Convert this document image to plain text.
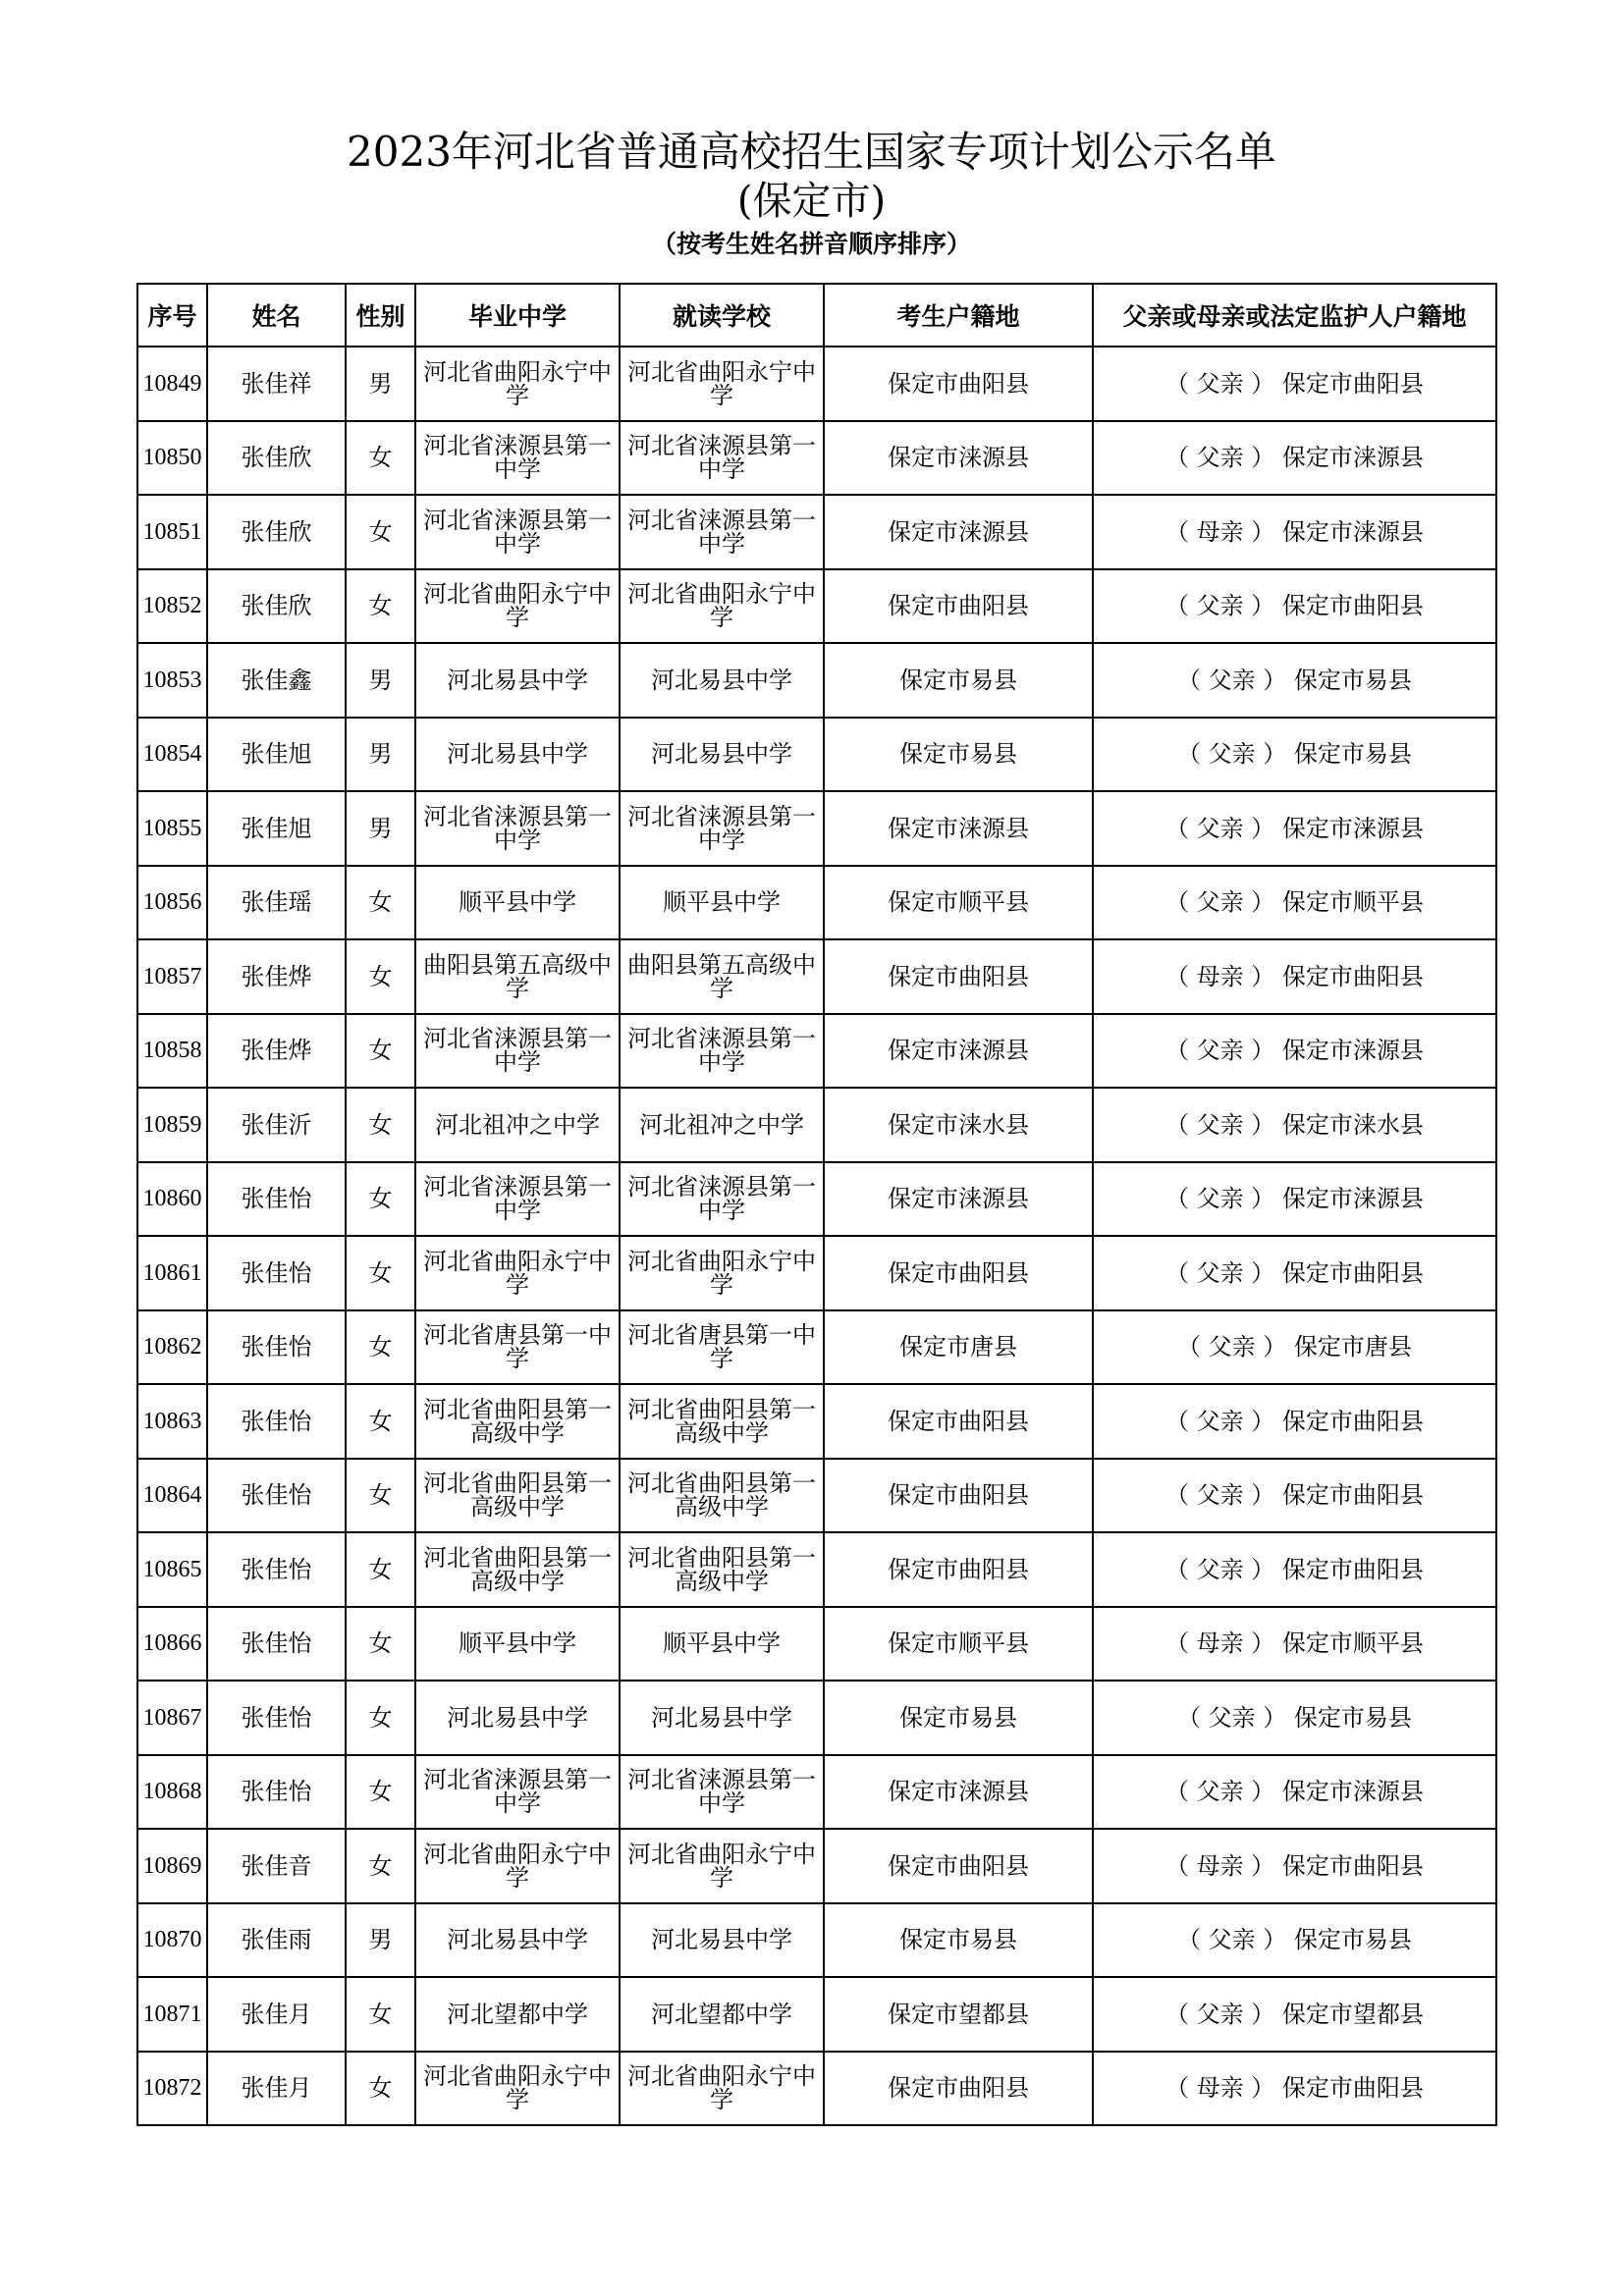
2023年河北省普通高校招生国家专项计划公示名单
(保定市)
（按考生姓名拼音顺序排序）
序号	姓名	性别	毕业中学	就读学校	考生户籍地	父亲或母亲或法定监护人户籍地
10849	张佳祥	男	河北省曲阳永宁中学	河北省曲阳永宁中学	保定市曲阳县	（ 父亲 ） 保定市曲阳县
10850	张佳欣	女	河北省涞源县第一中学	河北省涞源县第一中学	保定市涞源县	（ 父亲 ） 保定市涞源县
10851	张佳欣	女	河北省涞源县第一中学	河北省涞源县第一中学	保定市涞源县	（ 母亲 ） 保定市涞源县
10852	张佳欣	女	河北省曲阳永宁中学	河北省曲阳永宁中学	保定市曲阳县	（ 父亲 ） 保定市曲阳县
10853	张佳鑫	男	河北易县中学	河北易县中学	保定市易县	（ 父亲 ） 保定市易县
10854	张佳旭	男	河北易县中学	河北易县中学	保定市易县	（ 父亲 ） 保定市易县
10855	张佳旭	男	河北省涞源县第一中学	河北省涞源县第一中学	保定市涞源县	（ 父亲 ） 保定市涞源县
10856	张佳瑶	女	顺平县中学	顺平县中学	保定市顺平县	（ 父亲 ） 保定市顺平县
10857	张佳烨	女	曲阳县第五高级中学	曲阳县第五高级中学	保定市曲阳县	（ 母亲 ） 保定市曲阳县
10858	张佳烨	女	河北省涞源县第一中学	河北省涞源县第一中学	保定市涞源县	（ 父亲 ） 保定市涞源县
10859	张佳沂	女	河北祖冲之中学	河北祖冲之中学	保定市涞水县	（ 父亲 ） 保定市涞水县
10860	张佳怡	女	河北省涞源县第一中学	河北省涞源县第一中学	保定市涞源县	（ 父亲 ） 保定市涞源县
10861	张佳怡	女	河北省曲阳永宁中学	河北省曲阳永宁中学	保定市曲阳县	（ 父亲 ） 保定市曲阳县
10862	张佳怡	女	河北省唐县第一中学	河北省唐县第一中学	保定市唐县	（ 父亲 ） 保定市唐县
10863	张佳怡	女	河北省曲阳县第一高级中学	河北省曲阳县第一高级中学	保定市曲阳县	（ 父亲 ） 保定市曲阳县
10864	张佳怡	女	河北省曲阳县第一高级中学	河北省曲阳县第一高级中学	保定市曲阳县	（ 父亲 ） 保定市曲阳县
10865	张佳怡	女	河北省曲阳县第一高级中学	河北省曲阳县第一高级中学	保定市曲阳县	（ 父亲 ） 保定市曲阳县
10866	张佳怡	女	顺平县中学	顺平县中学	保定市顺平县	（ 母亲 ） 保定市顺平县
10867	张佳怡	女	河北易县中学	河北易县中学	保定市易县	（ 父亲 ） 保定市易县
10868	张佳怡	女	河北省涞源县第一中学	河北省涞源县第一中学	保定市涞源县	（ 父亲 ） 保定市涞源县
10869	张佳音	女	河北省曲阳永宁中学	河北省曲阳永宁中学	保定市曲阳县	（ 母亲 ） 保定市曲阳县
10870	张佳雨	男	河北易县中学	河北易县中学	保定市易县	（ 父亲 ） 保定市易县
10871	张佳月	女	河北望都中学	河北望都中学	保定市望都县	（ 父亲 ） 保定市望都县
10872	张佳月	女	河北省曲阳永宁中学	河北省曲阳永宁中学	保定市曲阳县	（ 母亲 ） 保定市曲阳县
